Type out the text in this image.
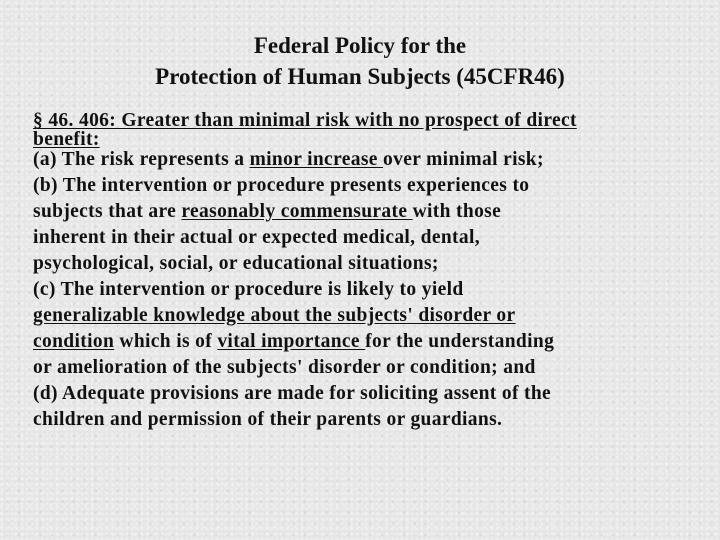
Federal Policy for the
Protection of Human Subjects (45CFR46)
§ 46. 406: Greater than minimal risk with no prospect of direct
benefit:
(a) The risk represents a minor increase over minimal risk;
(b) The intervention or procedure presents experiences to
subjects that are reasonably commensurate with those
inherent in their actual or expected medical, dental,
psychological, social, or educational situations;
(c) The intervention or procedure is likely to yield
generalizable knowledge about the subjects' disorder or
condition which is of vital importance for the understanding
or amelioration of the subjects' disorder or condition; and
(d) Adequate provisions are made for soliciting assent of the
children and permission of their parents or guardians.
